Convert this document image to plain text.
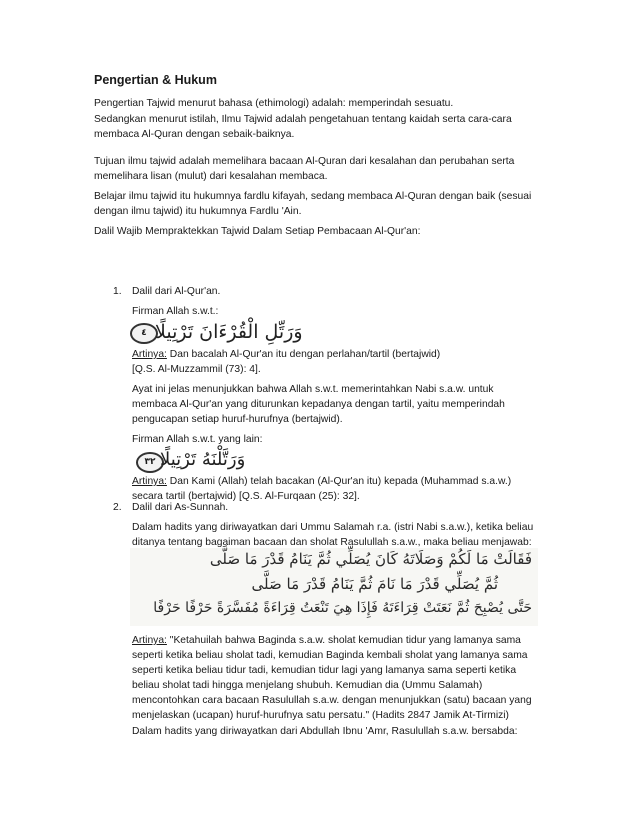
Pengertian & Hukum
Pengertian Tajwid menurut bahasa (ethimologi) adalah: memperindah sesuatu.
Sedangkan menurut istilah, Ilmu Tajwid adalah pengetahuan tentang kaidah serta cara-cara
membaca Al-Quran dengan sebaik-baiknya.
Tujuan ilmu tajwid adalah memelihara bacaan Al-Quran dari kesalahan dan perubahan serta
memelihara lisan (mulut) dari kesalahan membaca.
Belajar ilmu tajwid itu hukumnya fardlu kifayah, sedang membaca Al-Quran dengan baik (sesuai
dengan ilmu tajwid) itu hukumnya Fardlu 'Ain.
Dalil Wajib Mempraktekkan Tajwid Dalam Setiap Pembacaan Al-Qur'an:
1. Dalil dari Al-Qur'an.
Firman Allah s.w.t.:
٤ وَرَتِّلِ الْقُرْءَانَ تَرْتِيلًا
Artinya: Dan bacalah Al-Qur'an itu dengan perlahan/tartil (bertajwid)
[Q.S. Al-Muzzammil (73): 4].
Ayat ini jelas menunjukkan bahwa Allah s.w.t. memerintahkan Nabi s.a.w. untuk
membaca Al-Qur'an yang diturunkan kepadanya dengan tartil, yaitu memperindah
pengucapan setiap huruf-hurufnya (bertajwid).
Firman Allah s.w.t. yang lain:
٣٢ وَرَتَّلْنَهُ تَرْتِيلًا
Artinya: Dan Kami (Allah) telah bacakan (Al-Qur'an itu) kepada (Muhammad s.a.w.)
secara tartil (bertajwid) [Q.S. Al-Furqaan (25): 32].
2. Dalil dari As-Sunnah.
Dalam hadits yang diriwayatkan dari Ummu Salamah r.a. (istri Nabi s.a.w.), ketika beliau
ditanya tentang bagaiman bacaan dan sholat Rasulullah s.a.w., maka beliau menjawab:
فَقَالَتْ مَا لَكُمْ وَصَلَاتَهُ كَانَ يُصَلِّي ثُمَّ يَنَامُ قَدْرَ مَا صَلَّى
ثُمَّ يُصَلِّي قَدْرَ مَا نَامَ ثُمَّ يَنَامُ قَدْرَ مَا صَلَّى
حَتَّى يُصْبِحَ ثُمَّ نَعَتَتْ قِرَاءَتَهُ فَإِذَا هِيَ تَنْعَتُ قِرَاءَةً مُفَسَّرَةً حَرْفًا حَرْفًا
Artinya: "Ketahuilah bahwa Baginda s.a.w. sholat kemudian tidur yang lamanya sama
seperti ketika beliau sholat tadi, kemudian Baginda kembali sholat yang lamanya sama
seperti ketika beliau tidur tadi, kemudian tidur lagi yang lamanya sama seperti ketika
beliau sholat tadi hingga menjelang shubuh. Kemudian dia (Ummu Salamah)
mencontohkan cara bacaan Rasulullah s.a.w. dengan menunjukkan (satu) bacaan yang
menjelaskan (ucapan) huruf-hurufnya satu persatu." (Hadits 2847 Jamik At-Tirmizi)
Dalam hadits yang diriwayatkan dari Abdullah Ibnu 'Amr, Rasulullah s.a.w. bersabda:
